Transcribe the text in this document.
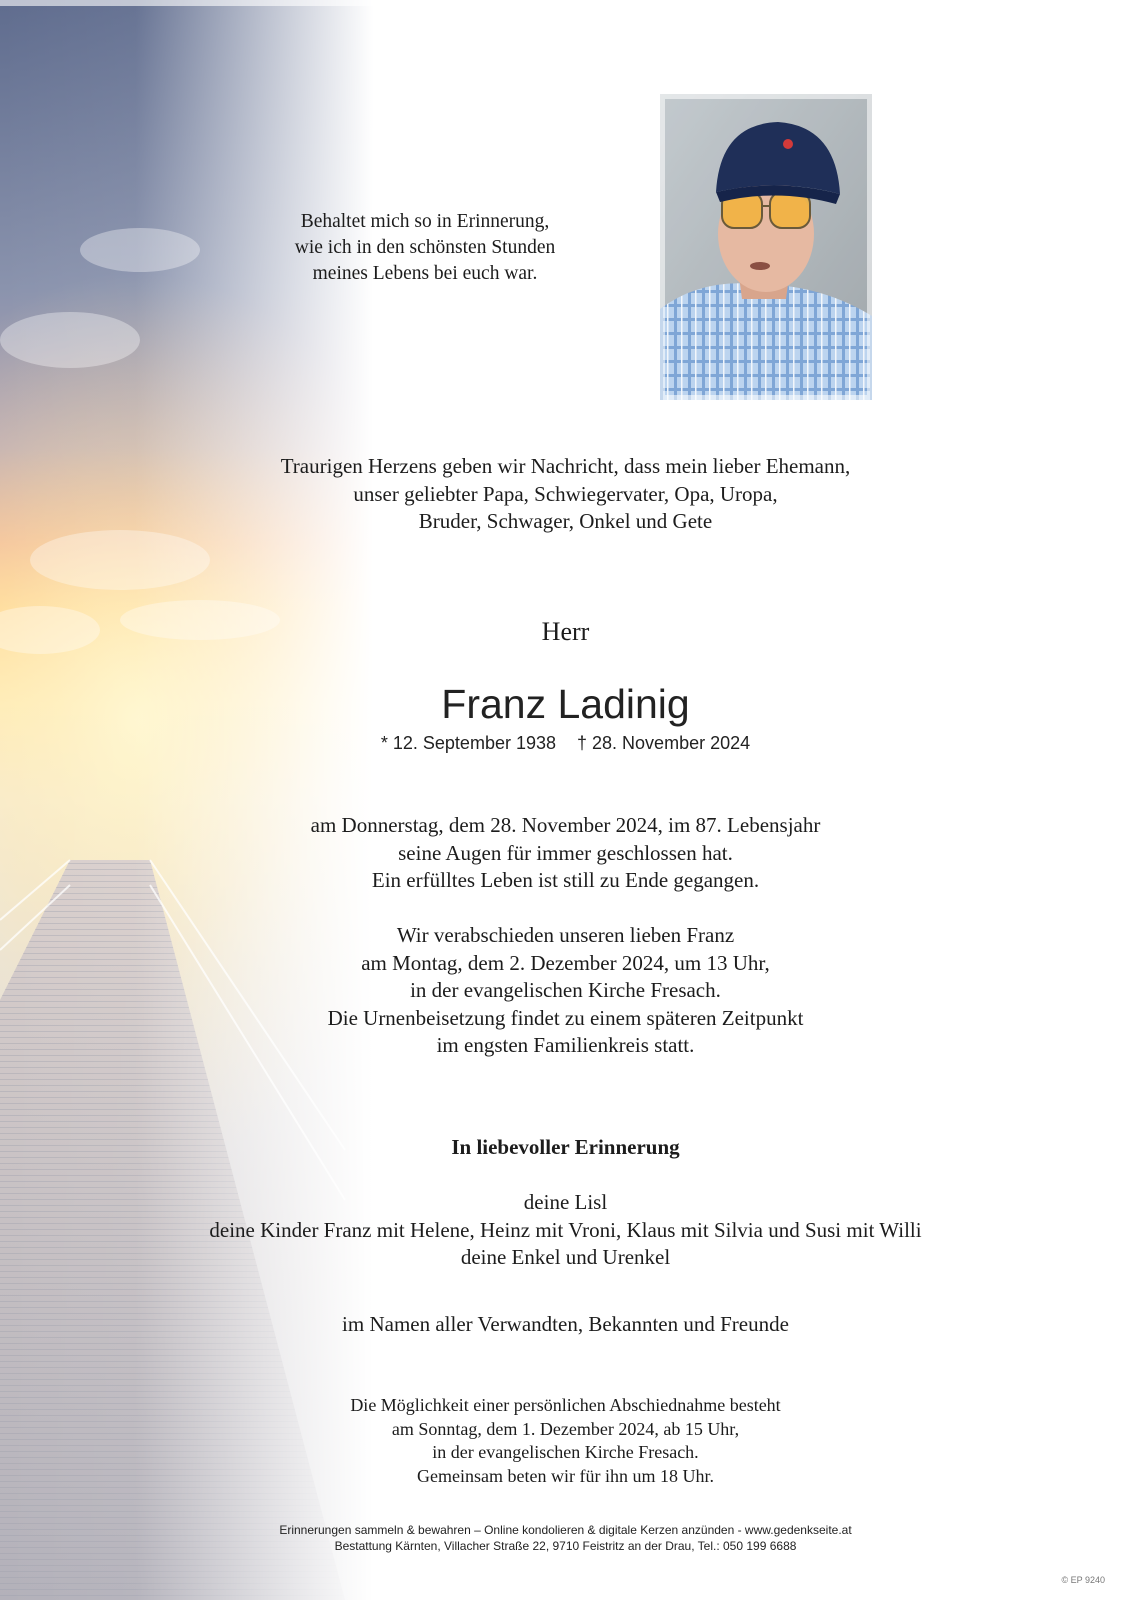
Behaltet mich so in Erinnerung,
wie ich in den schönsten Stunden
meines Lebens bei euch war.
Traurigen Herzens geben wir Nachricht, dass mein lieber Ehemann,
unser geliebter Papa, Schwiegervater, Opa, Uropa,
Bruder, Schwager, Onkel und Gete
Herr
Franz Ladinig
* 12. September 1938 † 28. November 2024
am Donnerstag, dem 28. November 2024, im 87. Lebensjahr
seine Augen für immer geschlossen hat.
Ein erfülltes Leben ist still zu Ende gegangen.
Wir verabschieden unseren lieben Franz
am Montag, dem 2. Dezember 2024, um 13 Uhr,
in der evangelischen Kirche Fresach.
Die Urnenbeisetzung findet zu einem späteren Zeitpunkt
im engsten Familienkreis statt.
In liebevoller Erinnerung
deine Lisl
deine Kinder Franz mit Helene, Heinz mit Vroni, Klaus mit Silvia und Susi mit Willi
deine Enkel und Urenkel
im Namen aller Verwandten, Bekannten und Freunde
Die Möglichkeit einer persönlichen Abschiednahme besteht
am Sonntag, dem 1. Dezember 2024, ab 15 Uhr,
in der evangelischen Kirche Fresach.
Gemeinsam beten wir für ihn um 18 Uhr.
Erinnerungen sammeln & bewahren – Online kondolieren & digitale Kerzen anzünden - www.gedenkseite.at
Bestattung Kärnten, Villacher Straße 22, 9710 Feistritz an der Drau, Tel.: 050 199 6688
© EP 9240
